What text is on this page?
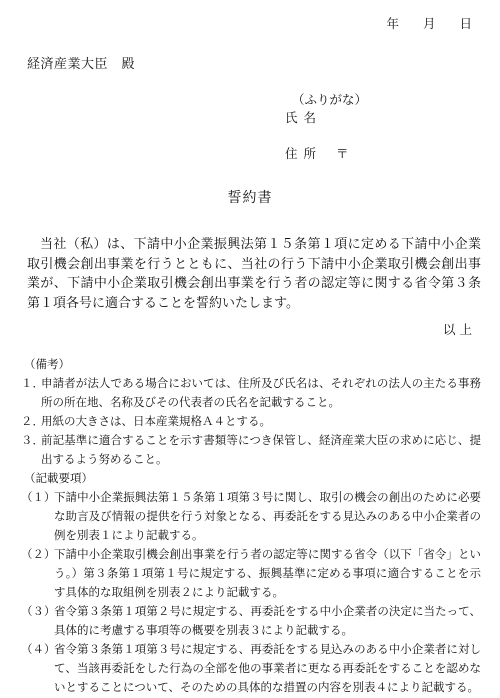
年 月 日
経済産業大臣　殿
（ふりがな）
氏名
住所 〒
誓約書
当社（私）は、下請中小企業振興法第１５条第１項に定める下請中小企業取引機会創出事業を行うとともに、当社の行う下請中小企業取引機会創出事業が、下請中小企業取引機会創出事業を行う者の認定等に関する省令第３条第１項各号に適合することを誓約いたします。
以上
（備考）
１．
申請者が法人である場合においては、住所及び氏名は、それぞれの法人の主たる事務所の所在地、名称及びその代表者の氏名を記載すること。
２．
用紙の大きさは、日本産業規格Ａ４とする。
３．
前記基準に適合することを示す書類等につき保管し、経済産業大臣の求めに応じ、提出するよう努めること。
（記載要項）
（１）
下請中小企業振興法第１５条第１項第３号に関し、取引の機会の創出のために必要な助言及び情報の提供を行う対象となる、再委託をする見込みのある中小企業者の例を別表１により記載する。
（２）
下請中小企業取引機会創出事業を行う者の認定等に関する省令（以下「省令」という。）第３条第１項第１号に規定する、振興基準に定める事項に適合することを示す具体的な取組例を別表２により記載する。
（３）
省令第３条第１項第２号に規定する、再委託をする中小企業者の決定に当たって、具体的に考慮する事項等の概要を別表３により記載する。
（４）
省令第３条第１項第３号に規定する、再委託をする見込みのある中小企業者に対して、当該再委託をした行為の全部を他の事業者に更なる再委託をすることを認めないとすることについて、そのための具体的な措置の内容を別表４により記載する。
